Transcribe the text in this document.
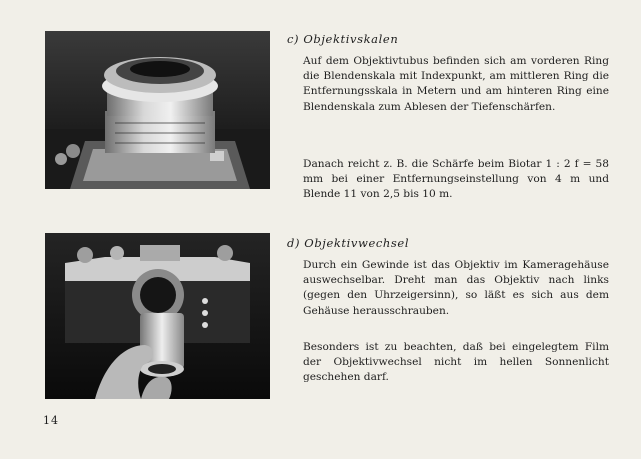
c) Objektivskalen

Auf dem Objektivtubus befinden sich am vorderen Ring die Blendenskala mit Indexpunkt, am mittleren Ring die Entfernungsskala in Metern und am hinteren Ring eine Blendenskala zum Ablesen der Tiefenschärfen.

Danach reicht z. B. die Schärfe beim Biotar 1 : 2 f = 58 mm bei einer Entfernungseinstellung von 4 m und Blende 11 von 2,5 bis 10 m.

d) Objektivwechsel

Durch ein Gewinde ist das Objektiv im Kameragehäuse auswechselbar. Dreht man das Objektiv nach links (gegen den Uhrzeigersinn), so läßt es sich aus dem Gehäuse herausschrauben.

Besonders ist zu beachten, daß bei eingelegtem Film der Objektivwechsel nicht im hellen Sonnenlicht geschehen darf.

14
